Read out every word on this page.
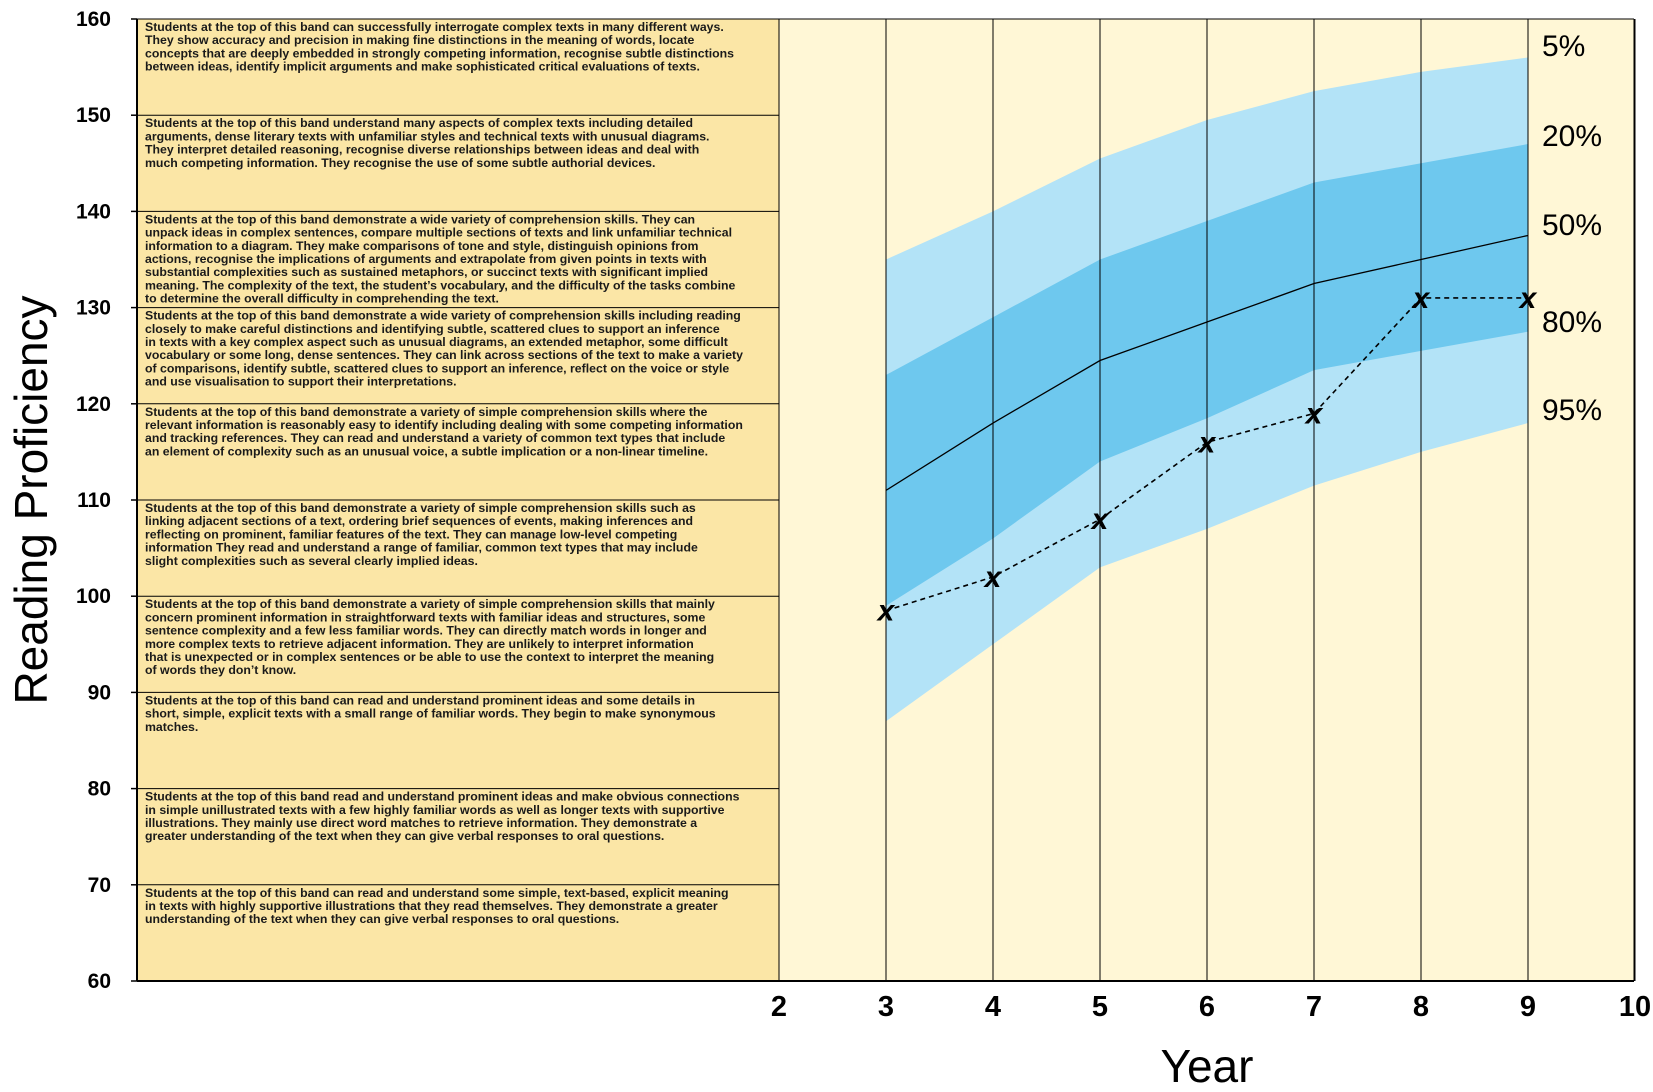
Students at the top of this band can successfully interrogate complex texts in many different ways. They show accuracy and precision in making fine distinctions in the meaning of words, locate concepts that are deeply embedded in strongly competing information, recognise subtle distinctions between ideas, identify implicit arguments and make sophisticated critical evaluations of texts.
Students at the top of this band understand many aspects of complex texts including detailed arguments, dense literary texts with unfamiliar styles and technical texts with unusual diagrams. They interpret detailed reasoning, recognise diverse relationships between ideas and deal with much competing information. They recognise the use of some subtle authorial devices.
Students at the top of this band demonstrate a wide variety of comprehension skills. They can unpack ideas in complex sentences, compare multiple sections of texts and link unfamiliar technical information to a diagram. They make comparisons of tone and style, distinguish opinions from actions, recognise the implications of arguments and extrapolate from given points in texts with substantial complexities such as sustained metaphors, or succinct texts with significant implied meaning. The complexity of the text, the student’s vocabulary, and the difficulty of the tasks combine to determine the overall difficulty in comprehending the text.
Students at the top of this band demonstrate a wide variety of comprehension skills including reading closely to make careful distinctions and identifying subtle, scattered clues to support an inference in texts with a key complex aspect such as unusual diagrams, an extended metaphor, some difficult vocabulary or some long, dense sentences. They can link across sections of the text to make a variety of comparisons, identify subtle, scattered clues to support an inference, reflect on the voice or style and use visualisation to support their interpretations.
Students at the top of this band demonstrate a variety of simple comprehension skills where the relevant information is reasonably easy to identify including dealing with some competing information and tracking references. They can read and understand a variety of common text types that include an element of complexity such as an unusual voice, a subtle implication or a non-linear timeline.
Students at the top of this band demonstrate a variety of simple comprehension skills such as linking adjacent sections of a text, ordering brief sequences of events, making inferences and reflecting on prominent, familiar features of the text. They can manage low-level competing information They read and understand a range of familiar, common text types that may include slight complexities such as several clearly implied ideas.
Students at the top of this band demonstrate a variety of simple comprehension skills that mainly concern prominent information in straightforward texts with familiar ideas and structures, some sentence complexity and a few less familiar words. They can directly match words in longer and more complex texts to retrieve adjacent information. They are unlikely to interpret information that is unexpected or in complex sentences or be able to use the context to interpret the meaning of words they don’t know.
Students at the top of this band can read and understand prominent ideas and some details in short, simple, explicit texts with a small range of familiar words. They begin to make synonymous matches.
Students at the top of this band read and understand prominent ideas and make obvious connections in simple unillustrated texts with a few highly familiar words as well as longer texts with supportive illustrations. They mainly use direct word matches to retrieve information. They demonstrate a greater understanding of the text when they can give verbal responses to oral questions.
Students at the top of this band can read and understand some simple, text-based, explicit meaning in texts with highly supportive illustrations that they read themselves. They demonstrate a greater understanding of the text when they can give verbal responses to oral questions.
x
x
x
x
x
x	x
60
70
80
90
100
110
120
130
140
150
160
2	3	4	5	6	7	8	9	10
Reading Proficiency
Year
5%
20%
50%
80%
95%
